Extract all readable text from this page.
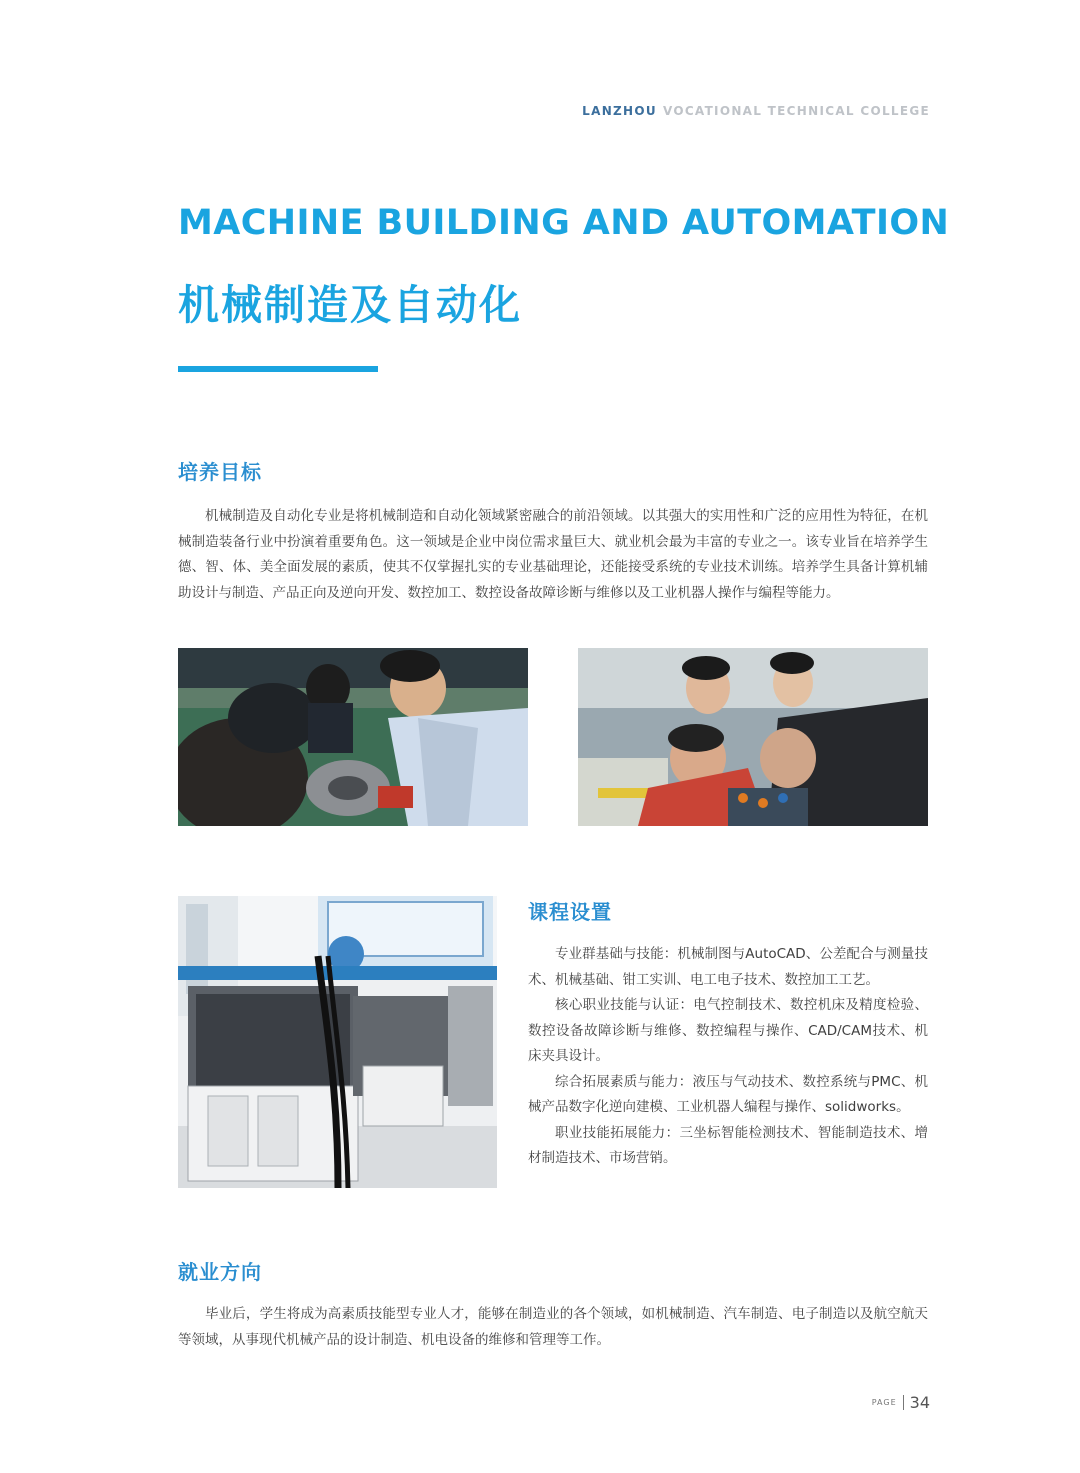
LANZHOU VOCATIONAL TECHNICAL COLLEGE
MACHINE BUILDING AND AUTOMATION
机械制造及自动化
培养目标

机械制造及自动化专业是将机械制造和自动化领域紧密融合的前沿领域。以其强大的实用性和广泛的应用性为特征，在机械制造装备行业中扮演着重要角色。这一领域是企业中岗位需求量巨大、就业机会最为丰富的专业之一。该专业旨在培养学生德、智、体、美全面发展的素质，使其不仅掌握扎实的专业基础理论，还能接受系统的专业技术训练。培养学生具备计算机辅助设计与制造、产品正向及逆向开发、数控加工、数控设备故障诊断与维修以及工业机器人操作与编程等能力。

课程设置

专业群基础与技能：机械制图与AutoCAD、公差配合与测量技术、机械基础、钳工实训、电工电子技术、数控加工工艺。

核心职业技能与认证：电气控制技术、数控机床及精度检验、数控设备故障诊断与维修、数控编程与操作、CAD/CAM技术、机床夹具设计。

综合拓展素质与能力：液压与气动技术、数控系统与PMC、机械产品数字化逆向建模、工业机器人编程与操作、solidworks。

职业技能拓展能力：三坐标智能检测技术、智能制造技术、增材制造技术、市场营销。

就业方向

毕业后，学生将成为高素质技能型专业人才，能够在制造业的各个领域，如机械制造、汽车制造、电子制造以及航空航天等领域，从事现代机械产品的设计制造、机电设备的维修和管理等工作。

PAGE 34
